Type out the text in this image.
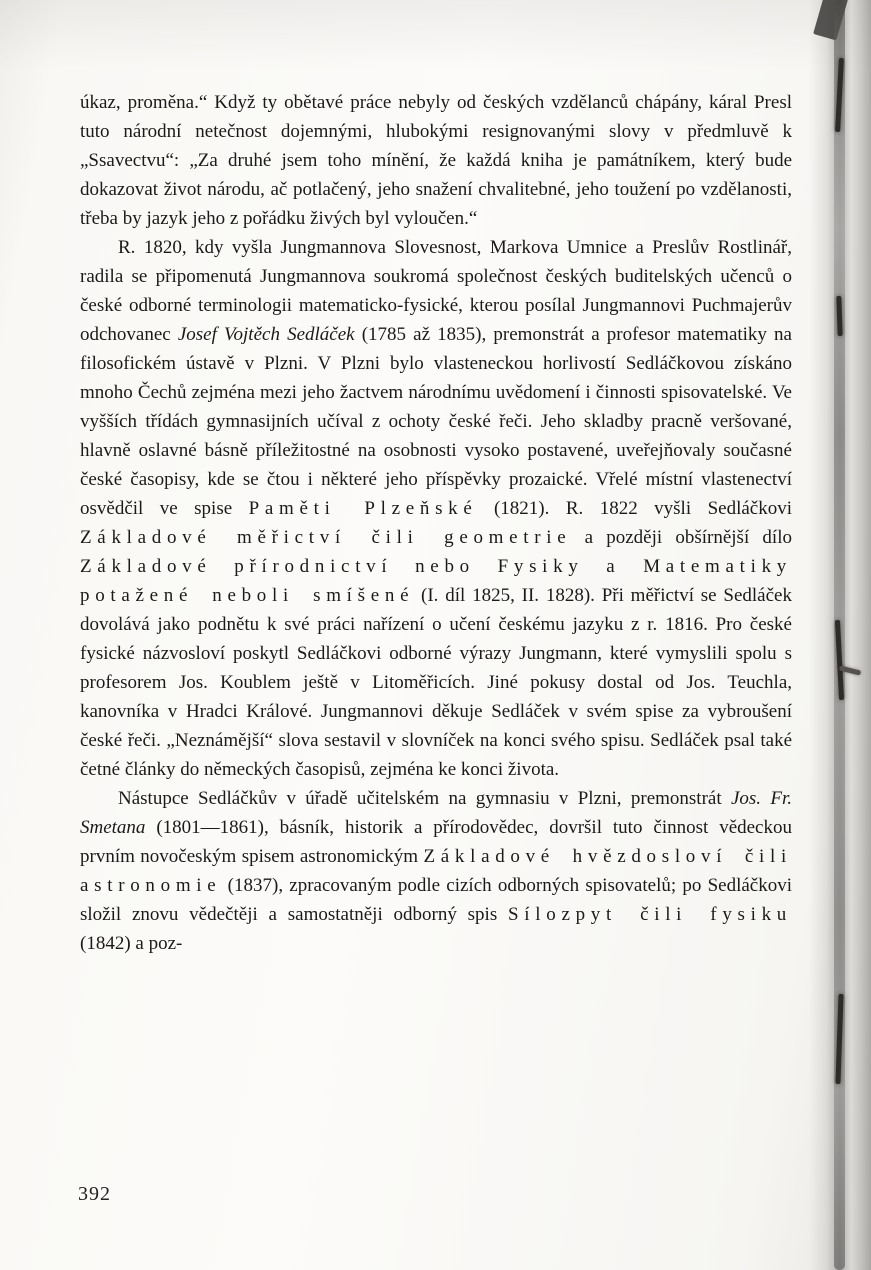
úkaz, proměna.“ Když ty obětavé práce nebyly od českých vzdělanců chápány, káral Presl tuto národní netečnost dojemnými, hlubokými resignovanými slovy v předmluvě k „Ssavectvu“: „Za druhé jsem toho mínění, že každá kniha je památníkem, který bude dokazovat život národu, ač potlačený, jeho snažení chvalitebné, jeho toužení po vzdělanosti, třeba by jazyk jeho z pořádku živých byl vyloučen.“

R. 1820, kdy vyšla Jungmannova Slovesnost, Markova Umnice a Preslův Rostlinář, radila se připomenutá Jungmannova soukromá společnost českých buditelských učenců o české odborné terminologii matematicko-fysické, kterou posílal Jungmannovi Puchmajerův odchovanec Josef Vojtěch Sedláček (1785 až 1835), premonstrát a profesor matematiky na filosofickém ústavě v Plzni. V Plzni bylo vlasteneckou horlivostí Sedláčkovou získáno mnoho Čechů zejména mezi jeho žactvem národnímu uvědomení i činnosti spisovatelské. Ve vyšších třídách gymnasijních učíval z ochoty české řeči. Jeho skladby pracně veršované, hlavně oslavné básně příležitostné na osobnosti vysoko postavené, uveřejňovaly současné české časopisy, kde se čtou i některé jeho příspěvky prozaické. Vřelé místní vlastenectví osvědčil ve spise Paměti Plzeňské (1821). R. 1822 vyšli Sedláčkovi Základové měřictví čili geometrie a později obšírnější dílo Základové přírodnictví nebo Fysiky a Matematiky potažené neboli smíšené (I. díl 1825, II. 1828). Při měřictví se Sedláček dovolává jako podnětu k své práci nařízení o učení českému jazyku z r. 1816. Pro české fysické názvosloví poskytl Sedláčkovi odborné výrazy Jungmann, které vymyslili spolu s profesorem Jos. Koublem ještě v Litoměřicích. Jiné pokusy dostal od Jos. Teuchla, kanovníka v Hradci Králové. Jungmannovi děkuje Sedláček v svém spise za vybroušení české řeči. „Neznámější“ slova sestavil v slovníček na konci svého spisu. Sedláček psal také četné články do německých časopisů, zejména ke konci života.

Nástupce Sedláčkův v úřadě učitelském na gymnasiu v Plzni, premonstrát Jos. Fr. Smetana (1801—1861), básník, historik a přírodovědec, dovršil tuto činnost vědeckou prvním novočeským spisem astronomickým Základové hvězdosloví čili astronomie (1837), zpracovaným podle cizích odborných spisovatelů; po Sedláčkovi složil znovu vědečtěji a samostatněji odborný spis Sílozpyt čili fysiku (1842) a poz-

392
